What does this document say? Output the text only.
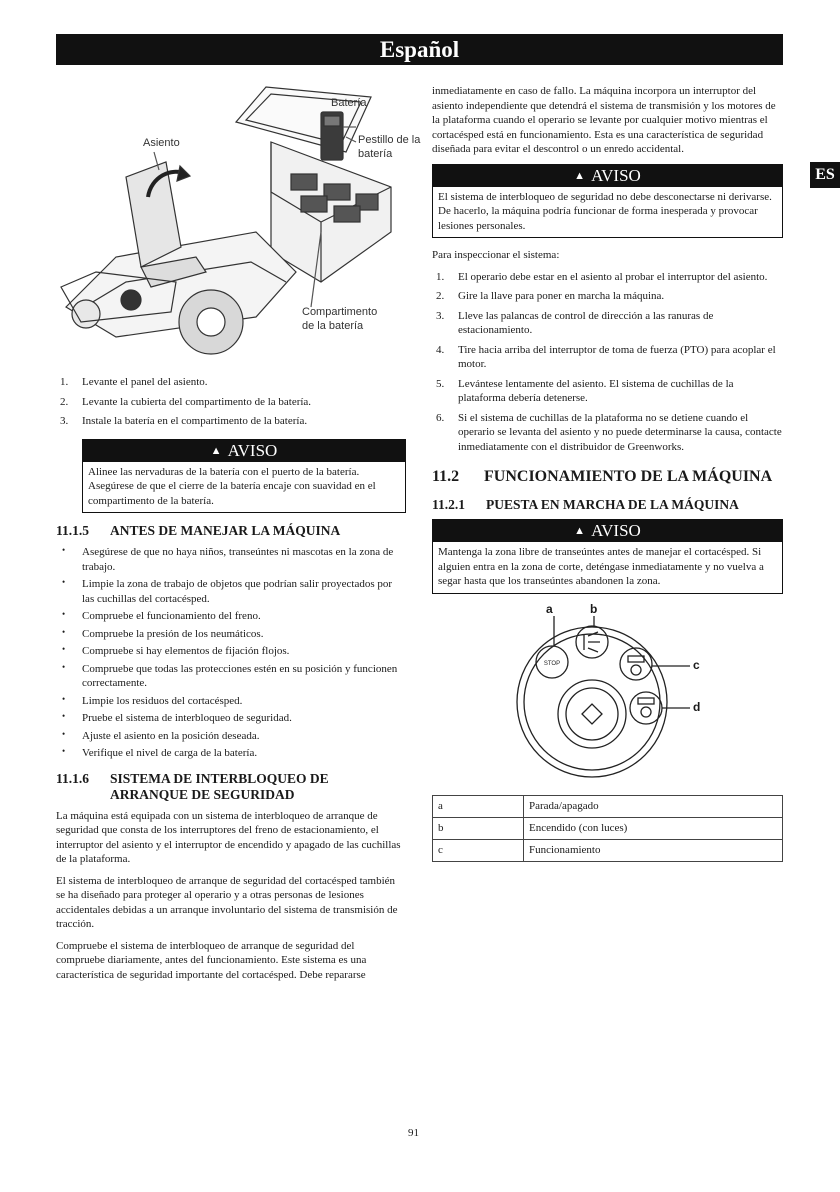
Español
ES
Batería
Asiento	Pestillo de la batería
Compartimento de la batería
1. Levante el panel del asiento.
2. Levante la cubierta del compartimento de la batería.
3. Instale la batería en el compartimento de la batería.
▲ AVISO
Alinee las nervaduras de la batería con el puerto de la batería. Asegúrese de que el cierre de la batería encaje con suavidad en el compartimento de la batería.
11.1.5	ANTES DE MANEJAR LA MÁQUINA
• Asegúrese de que no haya niños, transeúntes ni mascotas en la zona de trabajo.
• Limpie la zona de trabajo de objetos que podrían salir proyectados por las cuchillas del cortacésped.
• Compruebe el funcionamiento del freno.
• Compruebe la presión de los neumáticos.
• Compruebe si hay elementos de fijación flojos.
• Compruebe que todas las protecciones estén en su posición y funcionen correctamente.
• Limpie los residuos del cortacésped.
• Pruebe el sistema de interbloqueo de seguridad.
• Ajuste el asiento en la posición deseada.
• Verifique el nivel de carga de la batería.
11.1.6	SISTEMA DE INTERBLOQUEO DE ARRANQUE DE SEGURIDAD

La máquina está equipada con un sistema de interbloqueo de arranque de seguridad que consta de los interruptores del freno de estacionamiento, el interruptor del asiento y el interruptor de encendido y apagado de las cuchillas de la plataforma.

El sistema de interbloqueo de arranque de seguridad del cortacésped también se ha diseñado para proteger al operario y a otras personas de lesiones accidentales debidas a un arranque involuntario del sistema de transmisión de tracción.

Compruebe el sistema de interbloqueo de arranque de seguridad del compruebe diariamente, antes del funcionamiento. Este sistema es una característica de seguridad importante del cortacésped. Debe repararse

inmediatamente en caso de fallo. La máquina incorpora un interruptor del asiento independiente que detendrá el sistema de transmisión y los motores de la plataforma cuando el operario se levante por cualquier motivo mientras el cortacésped está en funcionamiento. Esta es una característica de seguridad diseñada para evitar el descontrol o un enredo accidental.

▲ AVISO
El sistema de interbloqueo de seguridad no debe desconectarse ni derivarse. De hacerlo, la máquina podría funcionar de forma inesperada y provocar lesiones personales.

Para inspeccionar el sistema:

1. El operario debe estar en el asiento al probar el interruptor del asiento.
2. Gire la llave para poner en marcha la máquina.
3. Lleve las palancas de control de dirección a las ranuras de estacionamiento.
4. Tire hacia arriba del interruptor de toma de fuerza (PTO) para acoplar el motor.
5. Levántese lentamente del asiento. El sistema de cuchillas de la plataforma debería detenerse.
6. Si el sistema de cuchillas de la plataforma no se detiene cuando el operario se levanta del asiento y no puede determinarse la causa, contacte inmediatamente con el distribuidor de Greenworks.
11.2	FUNCIONAMIENTO DE LA MÁQUINA
11.2.1	PUESTA EN MARCHA DE LA MÁQUINA
▲ AVISO
Mantenga la zona libre de transeúntes antes de manejar el cortacésped. Si alguien entra en la zona de corte, deténgase inmediatamente y no vuelva a segar hasta que los transeúntes abandonen la zona.
STOP
a	b
c
d
a	Parada/apagado
b	Encendido (con luces)
c	Funcionamiento
91
